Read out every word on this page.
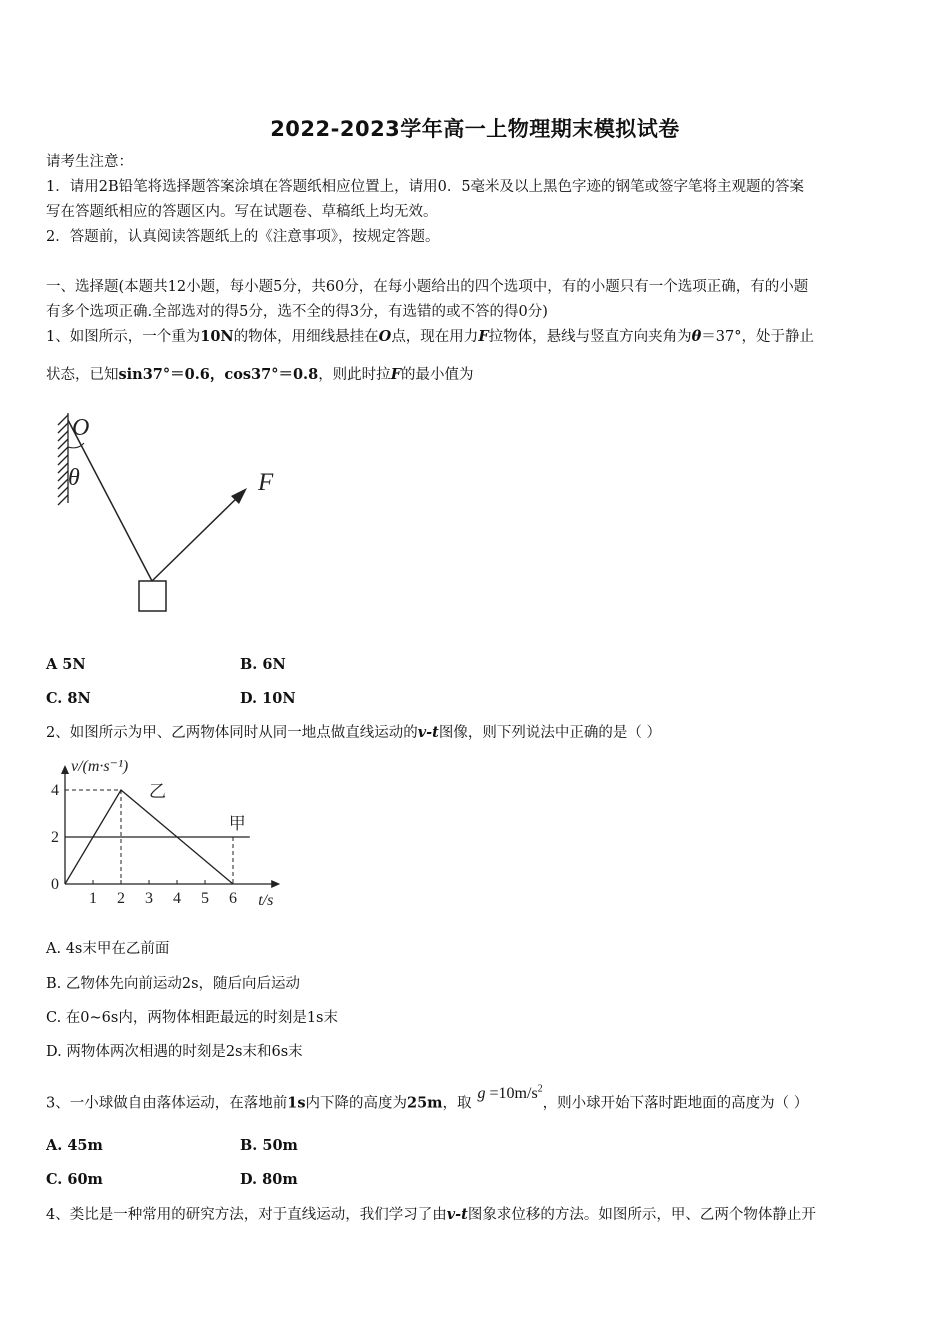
2022-2023学年高一上物理期末模拟试卷
请考生注意：
1．请用2B铅笔将选择题答案涂填在答题纸相应位置上，请用0．5毫米及以上黑色字迹的钢笔或签字笔将主观题的答案
写在答题纸相应的答题区内。写在试题卷、草稿纸上均无效。
2．答题前，认真阅读答题纸上的《注意事项》，按规定答题。
一、选择题(本题共12小题，每小题5分，共60分，在每小题给出的四个选项中，有的小题只有一个选项正确，有的小题
有多个选项正确.全部选对的得5分，选不全的得3分，有选错的或不答的得0分)
1、如图所示，一个重为10N的物体，用细线悬挂在O点，现在用力F拉物体，悬线与竖直方向夹角为θ＝37°，处于静止
状态，已知sin37°＝0.6，cos37°＝0.8，则此时拉F的最小值为
O
θ	F
A 5N	B. 6N
C. 8N	D. 10N
2、如图所示为甲、乙两物体同时从同一地点做直线运动的v-t图像，则下列说法中正确的是（ ）
1 2 3 4 5 6
0
2
4
v/(m·s⁻¹)
t/s
甲
乙
A. 4s末甲在乙前面
B. 乙物体先向前运动2s，随后向后运动
C. 在0~6s内，两物体相距最远的时刻是1s末
D. 两物体两次相遇的时刻是2s末和6s末
3、一小球做自由落体运动，在落地前1s内下降的高度为25m，取$g =10m/s^2$，则小球开始下落时距地面的高度为（ ）
A. 45m	B. 50m
C. 60m	D. 80m
4、类比是一种常用的研究方法，对于直线运动，我们学习了由v-t图象求位移的方法。如图所示，甲、乙两个物体静止开
